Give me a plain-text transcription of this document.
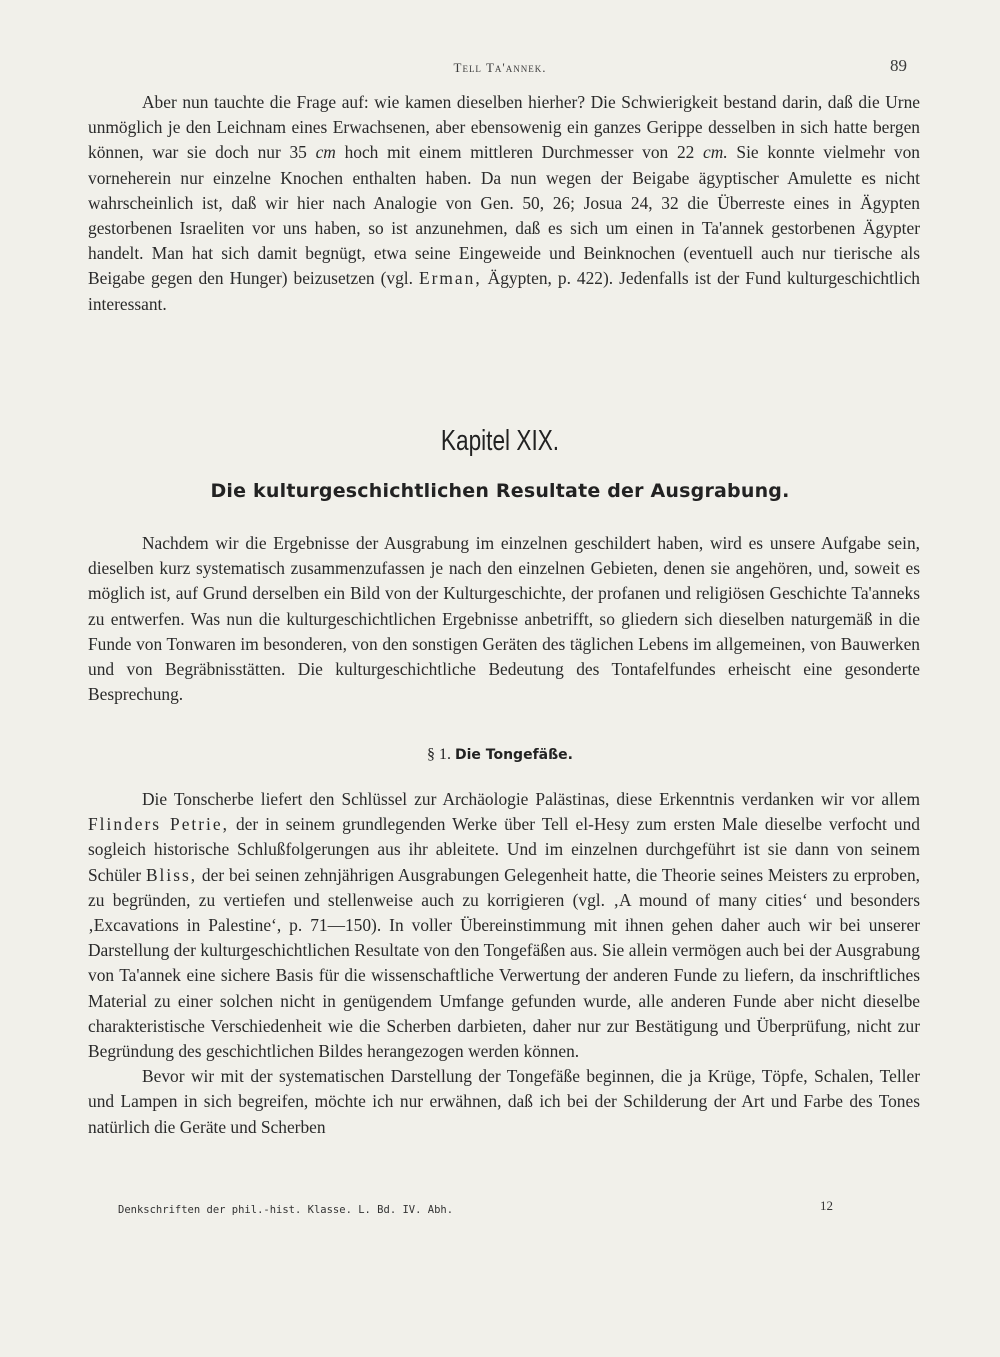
Tell Ta'annek.	89

Aber nun tauchte die Frage auf: wie kamen dieselben hierher? Die Schwierigkeit bestand darin, daß die Urne unmöglich je den Leichnam eines Erwachsenen, aber ebensowenig ein ganzes Gerippe desselben in sich hatte bergen können, war sie doch nur 35 cm hoch mit einem mittleren Durchmesser von 22 cm. Sie konnte vielmehr von vorneherein nur einzelne Knochen enthalten haben. Da nun wegen der Beigabe ägyptischer Amulette es nicht wahrscheinlich ist, daß wir hier nach Analogie von Gen. 50, 26; Josua 24, 32 die Überreste eines in Ägypten gestorbenen Israeliten vor uns haben, so ist anzunehmen, daß es sich um einen in Ta'annek gestorbenen Ägypter handelt. Man hat sich damit begnügt, etwa seine Eingeweide und Beinknochen (eventuell auch nur tierische als Beigabe gegen den Hunger) beizusetzen (vgl. Erman, Ägypten, p. 422). Jedenfalls ist der Fund kulturgeschichtlich interessant.

Kapitel XIX.
Die kulturgeschichtlichen Resultate der Ausgrabung.

Nachdem wir die Ergebnisse der Ausgrabung im einzelnen geschildert haben, wird es unsere Aufgabe sein, dieselben kurz systematisch zusammenzufassen je nach den einzelnen Gebieten, denen sie angehören, und, soweit es möglich ist, auf Grund derselben ein Bild von der Kulturgeschichte, der profanen und religiösen Geschichte Ta'anneks zu entwerfen. Was nun die kulturgeschichtlichen Ergebnisse anbetrifft, so gliedern sich dieselben naturgemäß in die Funde von Tonwaren im besonderen, von den sonstigen Geräten des täglichen Lebens im allgemeinen, von Bauwerken und von Begräbnisstätten. Die kulturgeschichtliche Bedeutung des Tontafelfundes erheischt eine gesonderte Besprechung.

§ 1. Die Tongefäße.

Die Tonscherbe liefert den Schlüssel zur Archäologie Palästinas, diese Erkenntnis verdanken wir vor allem Flinders Petrie, der in seinem grundlegenden Werke über Tell el-Hesy zum ersten Male dieselbe verfocht und sogleich historische Schlußfolgerungen aus ihr ableitete. Und im einzelnen durchgeführt ist sie dann von seinem Schüler Bliss, der bei seinen zehnjährigen Ausgrabungen Gelegenheit hatte, die Theorie seines Meisters zu erproben, zu begründen, zu vertiefen und stellenweise auch zu korrigieren (vgl. ‚A mound of many cities‘ und besonders ‚Excavations in Palestine‘, p. 71—150). In voller Übereinstimmung mit ihnen gehen daher auch wir bei unserer Darstellung der kulturgeschichtlichen Resultate von den Tongefäßen aus. Sie allein vermögen auch bei der Ausgrabung von Ta'annek eine sichere Basis für die wissenschaftliche Verwertung der anderen Funde zu liefern, da inschriftliches Material zu einer solchen nicht in genügendem Umfange gefunden wurde, alle anderen Funde aber nicht dieselbe charakteristische Verschiedenheit wie die Scherben darbieten, daher nur zur Bestätigung und Überprüfung, nicht zur Begründung des geschichtlichen Bildes herangezogen werden können.

Bevor wir mit der systematischen Darstellung der Tongefäße beginnen, die ja Krüge, Töpfe, Schalen, Teller und Lampen in sich begreifen, möchte ich nur erwähnen, daß ich bei der Schilderung der Art und Farbe des Tones natürlich die Geräte und Scherben

Denkschriften der phil.-hist. Klasse. L. Bd. IV. Abh.	12
